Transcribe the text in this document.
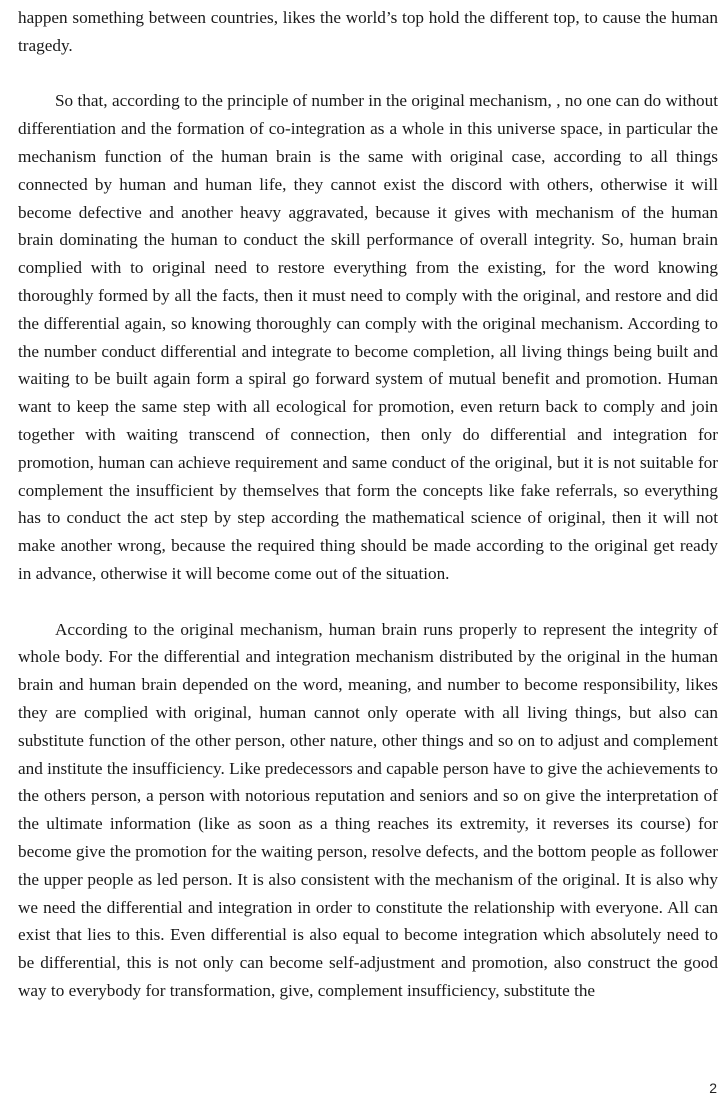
happen something between countries, likes the world’s top hold the different top, to cause the human tragedy.

So that, according to the principle of number in the original mechanism, , no one can do without differentiation and the formation of co-integration as a whole in this universe space, in particular the mechanism function of the human brain is the same with original case, according to all things connected by human and human life, they cannot exist the discord with others, otherwise it will become defective and another heavy aggravated, because it gives with mechanism of the human brain dominating the human to conduct the skill performance of overall integrity. So, human brain complied with to original need to restore everything from the existing, for the word knowing thoroughly formed by all the facts, then it must need to comply with the original, and restore and did the differential again, so knowing thoroughly can comply with the original mechanism. According to the number conduct differential and integrate to become completion, all living things being built and waiting to be built again form a spiral go forward system of mutual benefit and promotion. Human want to keep the same step with all ecological for promotion, even return back to comply and join together with waiting transcend of connection, then only do differential and integration for promotion, human can achieve requirement and same conduct of the original, but it is not suitable for complement the insufficient by themselves that form the concepts like fake referrals, so everything has to conduct the act step by step according the mathematical science of original, then it will not make another wrong, because the required thing should be made according to the original get ready in advance, otherwise it will become come out of the situation.

According to the original mechanism, human brain runs properly to represent the integrity of whole body. For the differential and integration mechanism distributed by the original in the human brain and human brain depended on the word, meaning, and number to become responsibility, likes they are complied with original, human cannot only operate with all living things, but also can substitute function of the other person, other nature, other things and so on to adjust and complement and institute the insufficiency. Like predecessors and capable person have to give the achievements to the others person, a person with notorious reputation and seniors and so on give the interpretation of the ultimate information (like as soon as a thing reaches its extremity, it reverses its course) for become give the promotion for the waiting person, resolve defects, and the bottom people as follower the upper people as led person. It is also consistent with the mechanism of the original. It is also why we need the differential and integration in order to constitute the relationship with everyone. All can exist that lies to this. Even differential is also equal to become integration which absolutely need to be differential, this is not only can become self-adjustment and promotion, also construct the good way to everybody for transformation, give, complement insufficiency, substitute the

2
